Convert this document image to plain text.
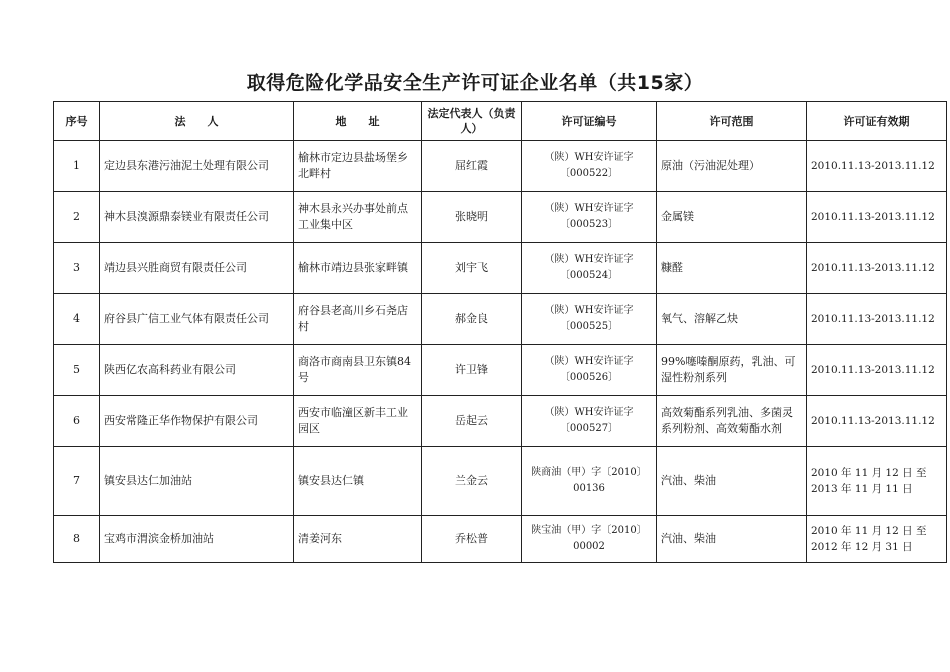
取得危险化学品安全生产许可证企业名单（共15家）
序号	法　　人	地　　址	法定代表人（负责人）	许可证编号	许可范围	许可证有效期
1	定边县东港污油泥土处理有限公司	榆林市定边县盐场堡乡北畔村	屈红霞	（陕）WH安许证字〔000522〕	原油（污油泥处理）	2010.11.13-2013.11.12
2	神木县溴源鼎泰镁业有限责任公司	神木县永兴办事处前点工业集中区	张晓明	（陕）WH安许证字〔000523〕	金属镁	2010.11.13-2013.11.12
3	靖边县兴胜商贸有限责任公司	榆林市靖边县张家畔镇	刘宇飞	（陕）WH安许证字〔000524〕	糠醛	2010.11.13-2013.11.12
4	府谷县广信工业气体有限责任公司	府谷县老高川乡石尧店村	郝金良	（陕）WH安许证字〔000525〕	氧气、溶解乙炔	2010.11.13-2013.11.12
5	陕西亿农高科药业有限公司	商洛市商南县卫东镇84号	许卫锋	（陕）WH安许证字〔000526〕	99%噻嗪酮原药，乳油、可湿性粉剂系列	2010.11.13-2013.11.12
6	西安常隆正华作物保护有限公司	西安市临潼区新丰工业园区	岳起云	（陕）WH安许证字〔000527〕	高效菊酯系列乳油、多菌灵系列粉剂、高效菊酯水剂	2010.11.13-2013.11.12
7	镇安县达仁加油站	镇安县达仁镇	兰金云	陕商油（甲）字〔2010〕00136	汽油、柴油	2010 年 11 月 12 日 至 2013 年 11 月 11 日
8	宝鸡市渭滨金桥加油站	清姜河东	乔松普	陕宝油（甲）字〔2010〕00002	汽油、柴油	2010 年 11 月 12 日 至 2012 年 12 月 31 日
